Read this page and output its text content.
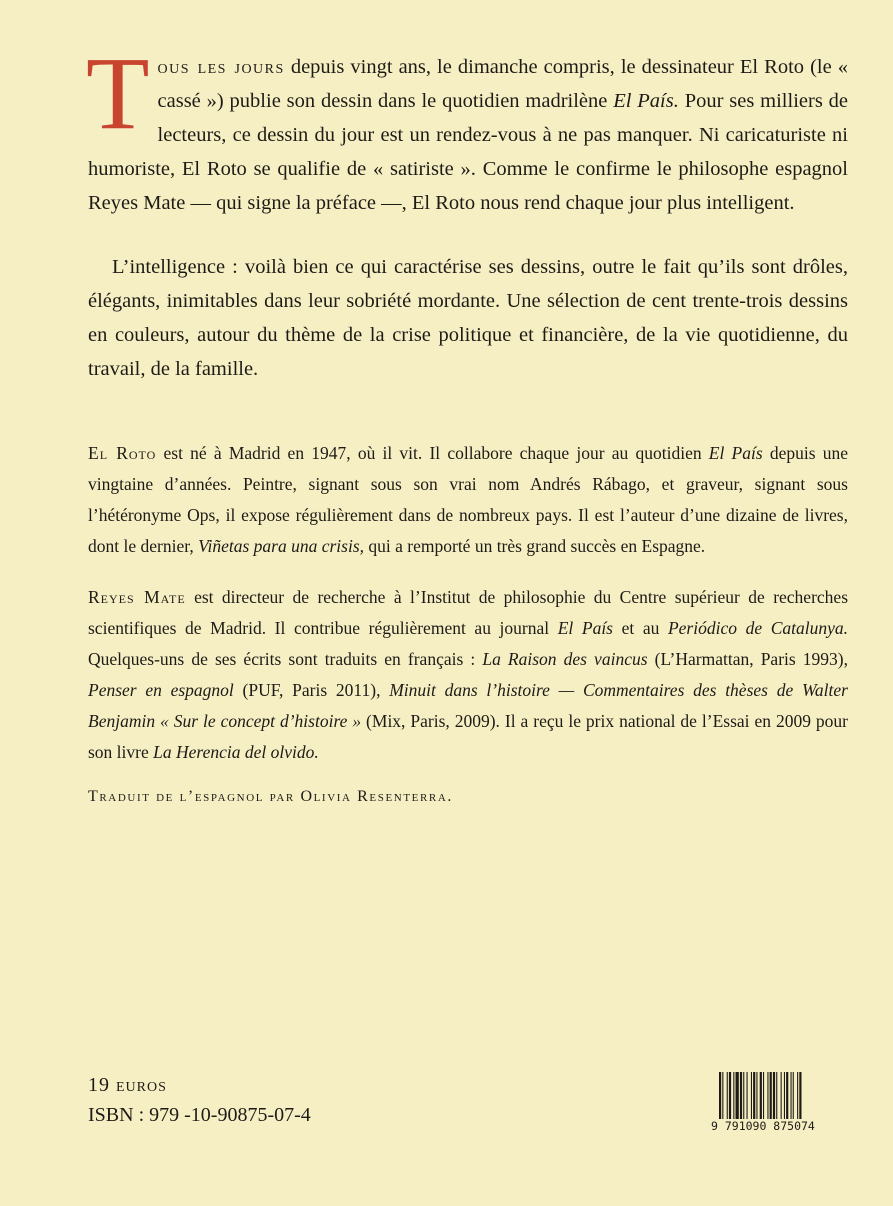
Tous les jours depuis vingt ans, le dimanche compris, le dessinateur El Roto (le « cassé ») publie son dessin dans le quotidien madrilène El País. Pour ses milliers de lecteurs, ce dessin du jour est un rendez-vous à ne pas manquer. Ni caricaturiste ni humoriste, El Roto se qualifie de « satiriste ». Comme le confirme le philosophe espagnol Reyes Mate — qui signe la préface —, El Roto nous rend chaque jour plus intelligent.

L’intelligence : voilà bien ce qui caractérise ses dessins, outre le fait qu’ils sont drôles, élégants, inimitables dans leur sobriété mordante. Une sélection de cent trente-trois dessins en couleurs, autour du thème de la crise politique et financière, de la vie quotidienne, du travail, de la famille.

El Roto est né à Madrid en 1947, où il vit. Il collabore chaque jour au quotidien El País depuis une vingtaine d’années. Peintre, signant sous son vrai nom Andrés Rábago, et graveur, signant sous l’hétéronyme Ops, il expose régulièrement dans de nombreux pays. Il est l’auteur d’une dizaine de livres, dont le dernier, Viñetas para una crisis, qui a remporté un très grand succès en Espagne.

Reyes Mate est directeur de recherche à l’Institut de philosophie du Centre supérieur de recherches scientifiques de Madrid. Il contribue régulièrement au journal El País et au Periódico de Catalunya. Quelques-uns de ses écrits sont traduits en français : La Raison des vaincus (L’Harmattan, Paris 1993), Penser en espagnol (PUF, Paris 2011), Minuit dans l’histoire — Commentaires des thèses de Walter Benjamin « Sur le concept d’histoire » (Mix, Paris, 2009). Il a reçu le prix national de l’Essai en 2009 pour son livre La Herencia del olvido.

Traduit de l’espagnol par Olivia Resenterra.

19 euros
ISBN : 979 -10-90875-07-4	9 791090 875074
